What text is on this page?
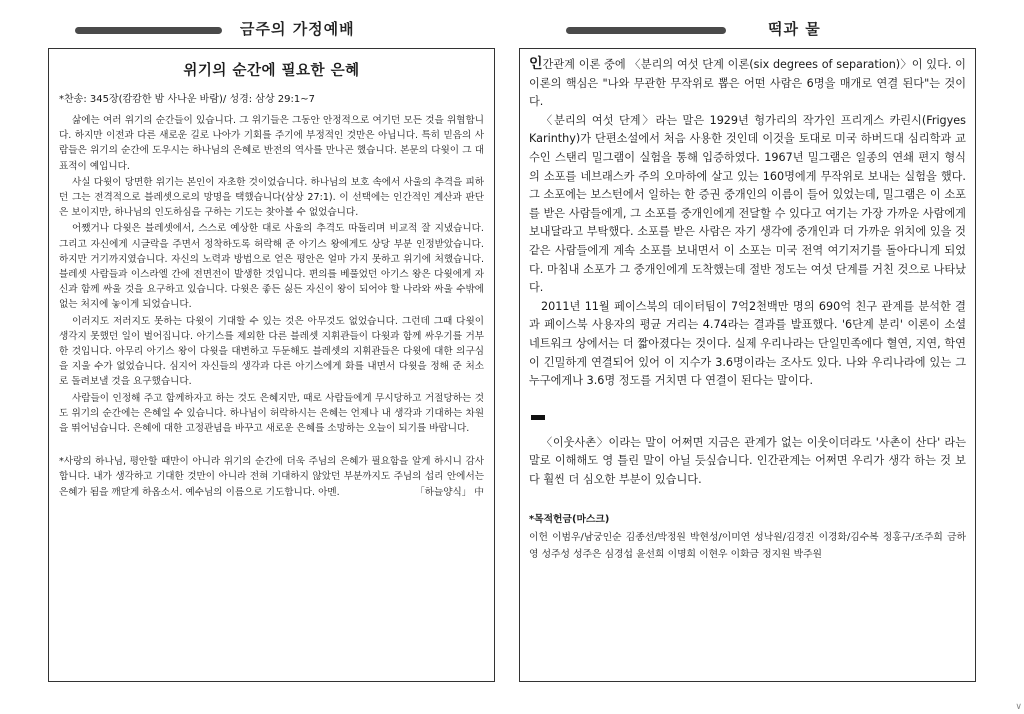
금주의 가정예배	떡과 물
위기의 순간에 필요한 은혜
*찬송: 345장(캄캄한 밤 사나운 바람)/ 성경: 삼상 29:1~7

삶에는 여러 위기의 순간들이 있습니다. 그 위기들은 그동안 안정적으로 여기던 모든 것을 위협합니다. 하지만 이전과 다른 새로운 길로 나아가 기회를 주기에 부정적인 것만은 아닙니다. 특히 믿음의 사람들은 위기의 순간에 도우시는 하나님의 은혜로 반전의 역사를 만나곤 했습니다. 본문의 다윗이 그 대표적이 예입니다.

사실 다윗이 당면한 위기는 본인이 자초한 것이었습니다. 하나님의 보호 속에서 사울의 추격을 피하던 그는 전격적으로 블레셋으로의 망명을 택했습니다(삼상 27:1). 이 선택에는 인간적인 계산과 판단은 보이지만, 하나님의 인도하심을 구하는 기도는 찾아볼 수 없었습니다.

어쨌거나 다윗은 블레셋에서, 스스로 예상한 대로 사울의 추격도 따돌리며 비교적 잘 지냈습니다. 그리고 자신에게 시글락을 주면서 정착하도록 허락해 준 아기스 왕에게도 상당 부분 인정받았습니다. 하지만 거기까지였습니다. 자신의 노력과 방법으로 얻은 평안은 얼마 가지 못하고 위기에 처했습니다. 블레셋 사람들과 이스라엘 간에 전면전이 발생한 것입니다. 편의를 베풀었던 아기스 왕은 다윗에게 자신과 함께 싸울 것을 요구하고 있습니다. 다윗은 좋든 싫든 자신이 왕이 되어야 할 나라와 싸울 수밖에 없는 처지에 놓이게 되었습니다.

이러지도 저러지도 못하는 다윗이 기대할 수 있는 것은 아무것도 없었습니다. 그런데 그때 다윗이 생각지 못했던 일이 벌어집니다. 아기스를 제외한 다른 블레셋 지휘관들이 다윗과 함께 싸우기를 거부한 것입니다. 아무리 아기스 왕이 다윗을 대변하고 두둔해도 블레셋의 지휘관들은 다윗에 대한 의구심을 지울 수가 없었습니다. 심지어 자신들의 생각과 다른 아기스에게 화를 내면서 다윗을 정해 준 처소로 돌려보낼 것을 요구했습니다.

사람들이 인정해 주고 함께하자고 하는 것도 은혜지만, 때로 사람들에게 무시당하고 거절당하는 것도 위기의 순간에는 은혜일 수 있습니다. 하나님이 허락하시는 은혜는 언제나 내 생각과 기대하는 차원을 뛰어넘습니다. 은혜에 대한 고정관념을 바꾸고 새로운 은혜를 소망하는 오늘이 되기를 바랍니다.

*사랑의 하나님, 평안할 때만이 아니라 위기의 순간에 더욱 주님의 은혜가 필요함을 알게 하시니 감사합니다. 내가 생각하고 기대한 것만이 아니라 전혀 기대하지 않았던 부분까지도 주님의 섭리 안에서는 은혜가 됨을 깨닫게 하옵소서. 예수님의 이름으로 기도합니다. 아멘.	「하늘양식」 中

인간관계 이론 중에 〈분리의 여섯 단계 이론(six degrees of separation)〉이 있다. 이 이론의 핵심은 "나와 무관한 무작위로 뽑은 어떤 사람은 6명을 매개로 연결 된다"는 것이다.

〈분리의 여섯 단계〉라는 말은 1929년 헝가리의 작가인 프리게스 카린시(Frigyes Karinthy)가 단편소설에서 처음 사용한 것인데 이것을 토대로 미국 하버드대 심리학과 교수인 스탠리 밀그램이 실험을 통해 입증하였다. 1967년 밀그램은 일종의 연쇄 편지 형식의 소포를 네브래스카 주의 오마하에 살고 있는 160명에게 무작위로 보내는 실험을 했다. 그 소포에는 보스턴에서 일하는 한 증권 중개인의 이름이 들어 있었는데, 밀그램은 이 소포를 받은 사람들에게, 그 소포를 중개인에게 전달할 수 있다고 여기는 가장 가까운 사람에게 보내달라고 부탁했다. 소포를 받은 사람은 자기 생각에 중개인과 더 가까운 위치에 있을 것 같은 사람들에게 계속 소포를 보내면서 이 소포는 미국 전역 여기저기를 돌아다니게 되었다. 마침내 소포가 그 중개인에게 도착했는데 절반 정도는 여섯 단계를 거친 것으로 나타났다.

2011년 11월 페이스북의 데이터팀이 7억2천백만 명의 690억 친구 관계를 분석한 결과 페이스북 사용자의 평균 거리는 4.74라는 결과를 발표했다. '6단계 분리' 이론이 소셜네트워크 상에서는 더 짧아졌다는 것이다. 실제 우리나라는 단일민족에다 혈연, 지연, 학연이 긴밀하게 연결되어 있어 이 지수가 3.6명이라는 조사도 있다. 나와 우리나라에 있는 그 누구에게나 3.6명 정도를 거치면 다 연결이 된다는 말이다.

〈이웃사촌〉이라는 말이 어쩌면 지금은 관계가 없는 이웃이더라도 '사촌이 산다' 라는 말로 이해해도 영 틀린 말이 아닐 듯싶습니다. 인간관계는 어쩌면 우리가 생각 하는 것 보다 훨씬 더 심오한 부분이 있습니다.

*목적헌금(마스크)
이헌 이범우/남궁인순 김종선/박정원 박현성/이미연 성낙원/김경진 이경화/김수복 정홍구/조주희 금하영 성주성 성주은 심경섭 윤선희 이명희 이현우 이화금 정지원 박주원
∨
